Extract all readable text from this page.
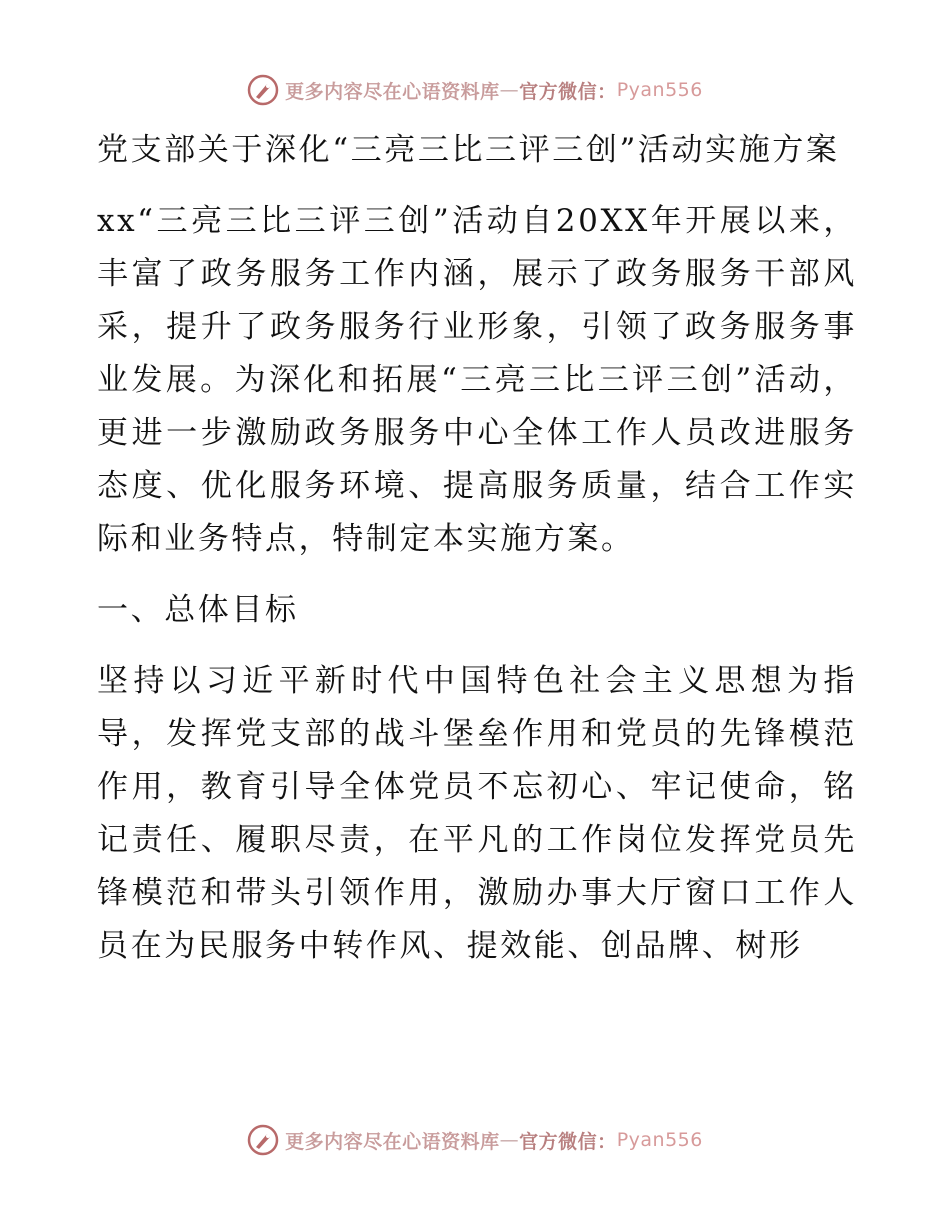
更多内容尽在心语资料库 — 官方微信： Pyan556

党支部关于深化“三亮三比三评三创”活动实施方案

xx“三亮三比三评三创”活动自20XX年开展以来，丰富了政务服务工作内涵，展示了政务服务干部风采，提升了政务服务行业形象，引领了政务服务事业发展。为深化和拓展“三亮三比三评三创”活动，更进一步激励政务服务中心全体工作人员改进服务态度、优化服务环境、提高服务质量，结合工作实际和业务特点，特制定本实施方案。

一、总体目标

坚持以习近平新时代中国特色社会主义思想为指导，发挥党支部的战斗堡垒作用和党员的先锋模范作用，教育引导全体党员不忘初心、牢记使命，铭记责任、履职尽责，在平凡的工作岗位发挥党员先锋模范和带头引领作用，激励办事大厅窗口工作人员在为民服务中转作风、提效能、创品牌、树形

更多内容尽在心语资料库 — 官方微信： Pyan556
